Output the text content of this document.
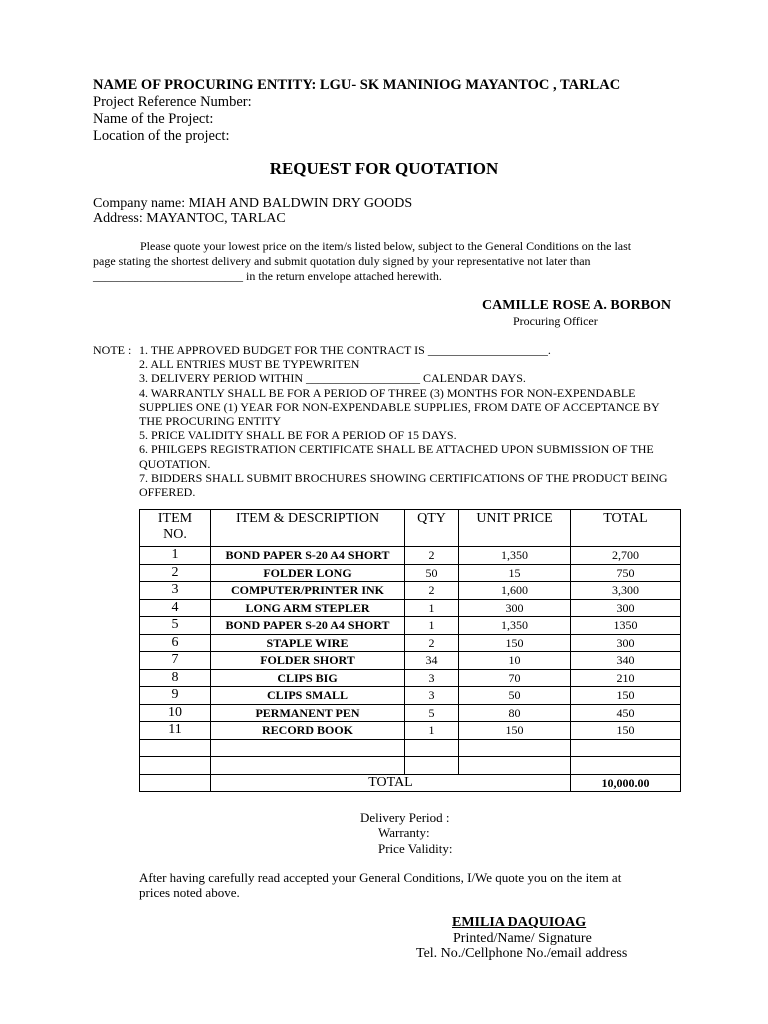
NAME OF PROCURING ENTITY: LGU- SK MANINIOG MAYANTOC , TARLAC
Project Reference Number:
Name of the Project:
Location of the project:
REQUEST FOR QUOTATION
Company name: MIAH AND BALDWIN DRY GOODS
Address: MAYANTOC, TARLAC
Please quote your lowest price on the item/s listed below, subject to the General Conditions on the last
page stating the shortest delivery and submit quotation duly signed by your representative not later than
_________________________ in the return envelope attached herewith.
CAMILLE ROSE A. BORBON
Procuring Officer
NOTE : 1. THE APPROVED BUDGET FOR THE CONTRACT IS ____________________.
2. ALL ENTRIES MUST BE TYPEWRITEN
3. DELIVERY PERIOD WITHIN ___________________ CALENDAR DAYS.
4. WARRANTLY SHALL BE FOR A PERIOD OF THREE (3) MONTHS FOR NON-EXPENDABLE SUPPLIES ONE (1) YEAR FOR NON-EXPENDABLE SUPPLIES, FROM DATE OF ACCEPTANCE BY THE PROCURING ENTITY
5. PRICE VALIDITY SHALL BE FOR A PERIOD OF 15 DAYS.
6. PHILGEPS REGISTRATION CERTIFICATE SHALL BE ATTACHED UPON SUBMISSION OF THE QUOTATION.
7. BIDDERS SHALL SUBMIT BROCHURES SHOWING CERTIFICATIONS OF THE PRODUCT BEING OFFERED.
ITEM
NO.	ITEM & DESCRIPTION	QTY	UNIT PRICE	TOTAL
1	BOND PAPER S-20 A4 SHORT	2	1,350	2,700
2	FOLDER LONG	50	15	750
3	COMPUTER/PRINTER INK	2	1,600	3,300
4	LONG ARM STEPLER	1	300	300
5	BOND PAPER S-20 A4 SHORT	1	1,350	1350
6	STAPLE WIRE	2	150	300
7	FOLDER SHORT	34	10	340
8	CLIPS BIG	3	70	210
9	CLIPS SMALL	3	50	150
10	PERMANENT PEN	5	80	450
11	RECORD BOOK	1	150	150

	TOTAL			10,000.00
Delivery Period :
Warranty:
Price Validity:
After having carefully read accepted your General Conditions, I/We quote you on the item at
prices noted above.
EMILIA DAQUIOAG
Printed/Name/ Signature
Tel. No./Cellphone No./email address
